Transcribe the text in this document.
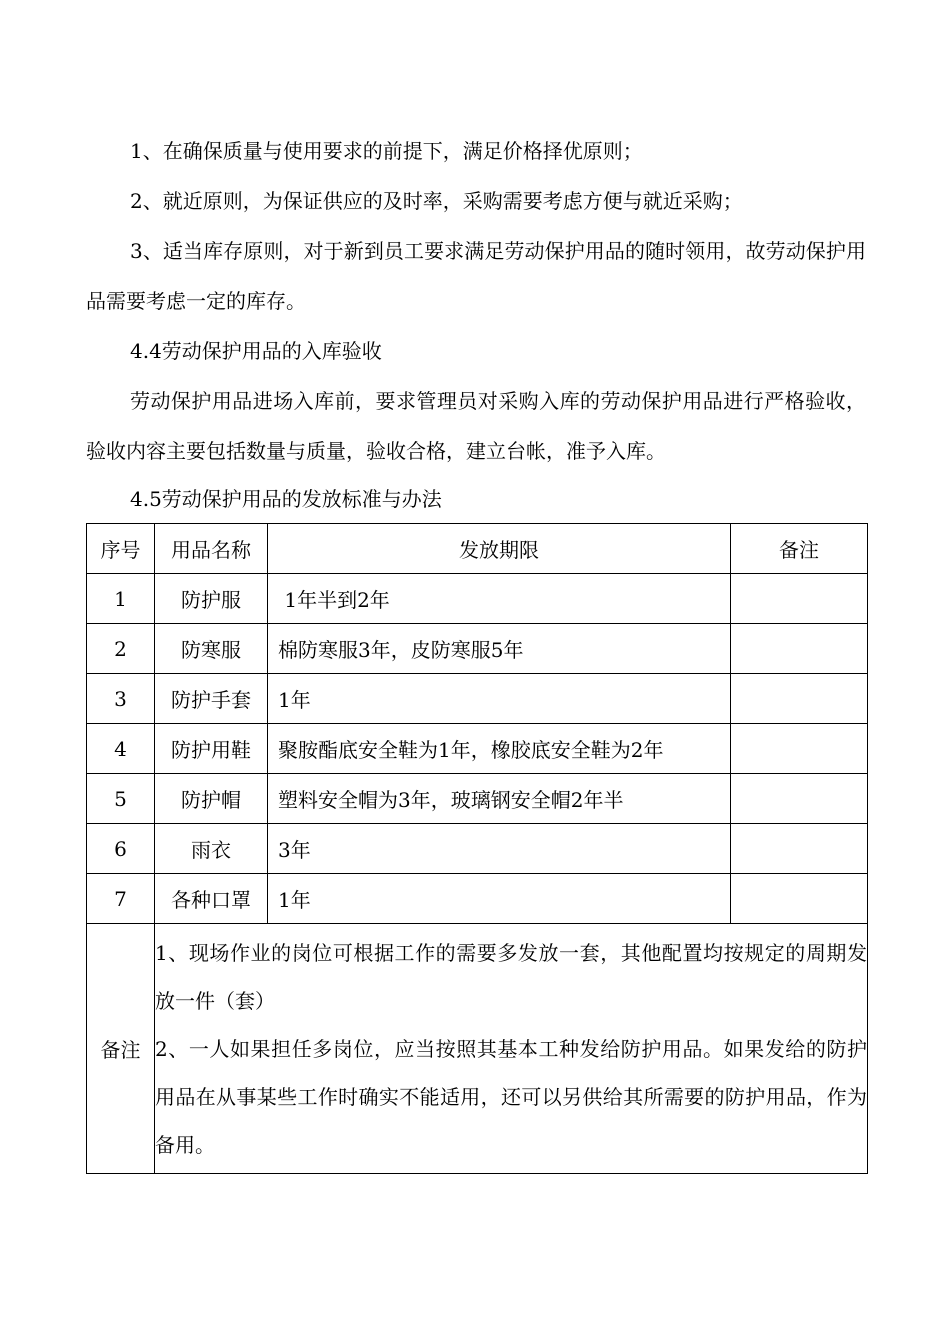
1、在确保质量与使用要求的前提下，满足价格择优原则；
2、就近原则，为保证供应的及时率，采购需要考虑方便与就近采购；
3、适当库存原则，对于新到员工要求满足劳动保护用品的随时领用，故劳动保护用品需要考虑一定的库存。
4.4劳动保护用品的入库验收
劳动保护用品进场入库前，要求管理员对采购入库的劳动保护用品进行严格验收，验收内容主要包括数量与质量，验收合格，建立台帐，准予入库。
4.5劳动保护用品的发放标准与办法
序号	用品名称	发放期限	备注
1	防护服	1年半到2年	
2	防寒服	棉防寒服3年，皮防寒服5年	
3	防护手套	1年	
4	防护用鞋	聚胺酯底安全鞋为1年，橡胶底安全鞋为2年	
5	防护帽	塑料安全帽为3年，玻璃钢安全帽2年半	
6	雨衣	3年	
7	各种口罩	1年	
备注	1、现场作业的岗位可根据工作的需要多发放一套，其他配置均按规定的周期发放一件（套）

2、一人如果担任多岗位，应当按照其基本工种发给防护用品。如果发给的防护用品在从事某些工作时确实不能适用，还可以另供给其所需要的防护用品，作为备用。		
